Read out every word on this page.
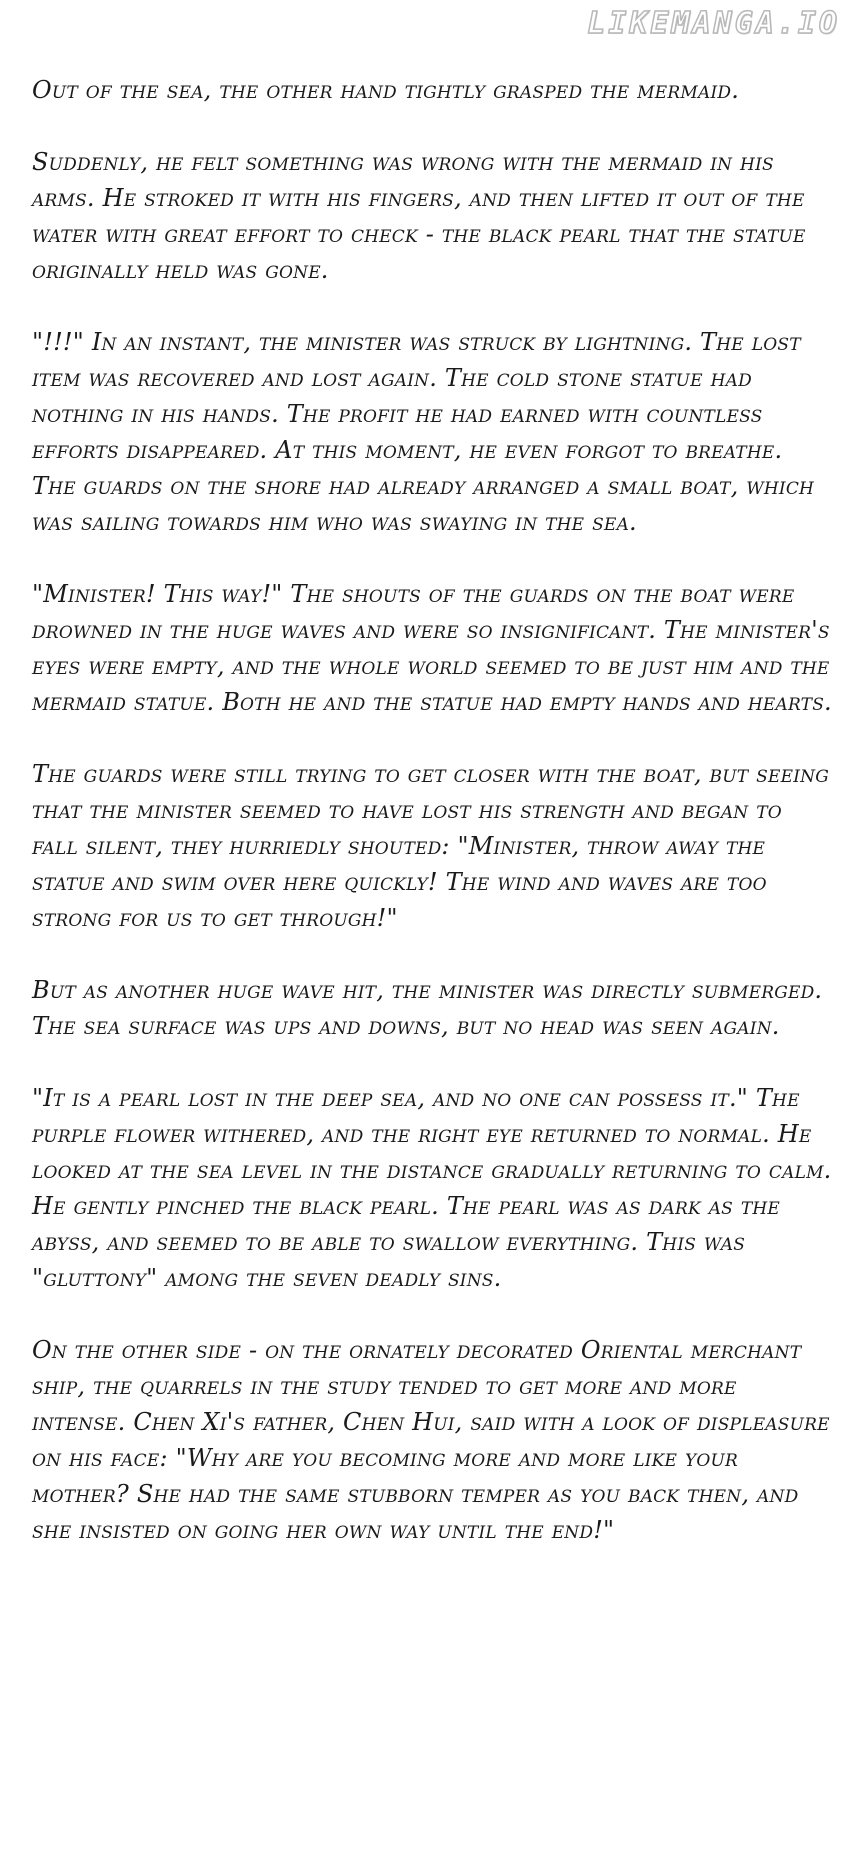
LIKEMANGA.IO

Out of the sea, the other hand tightly grasped the mermaid.

Suddenly, he felt something was wrong with the mermaid in his arms. He stroked it with his fingers, and then lifted it out of the water with great effort to check - the black pearl that the statue originally held was gone.

"!!!" In an instant, the minister was struck by lightning. The lost item was recovered and lost again. The cold stone statue had nothing in his hands. The profit he had earned with countless efforts disappeared. At this moment, he even forgot to breathe. The guards on the shore had already arranged a small boat, which was sailing towards him who was swaying in the sea.

"Minister! This way!" The shouts of the guards on the boat were drowned in the huge waves and were so insignificant. The minister's eyes were empty, and the whole world seemed to be just him and the mermaid statue. Both he and the statue had empty hands and hearts.

The guards were still trying to get closer with the boat, but seeing that the minister seemed to have lost his strength and began to fall silent, they hurriedly shouted: "Minister, throw away the statue and swim over here quickly! The wind and waves are too strong for us to get through!"

But as another huge wave hit, the minister was directly submerged. The sea surface was ups and downs, but no head was seen again.

"It is a pearl lost in the deep sea, and no one can possess it." The purple flower withered, and the right eye returned to normal. He looked at the sea level in the distance gradually returning to calm. He gently pinched the black pearl. The pearl was as dark as the abyss, and seemed to be able to swallow everything. This was "gluttony" among the seven deadly sins.

On the other side - on the ornately decorated Oriental merchant ship, the quarrels in the study tended to get more and more intense. Chen Xi's father, Chen Hui, said with a look of displeasure on his face: "Why are you becoming more and more like your mother? She had the same stubborn temper as you back then, and she insisted on going her own way until the end!"
